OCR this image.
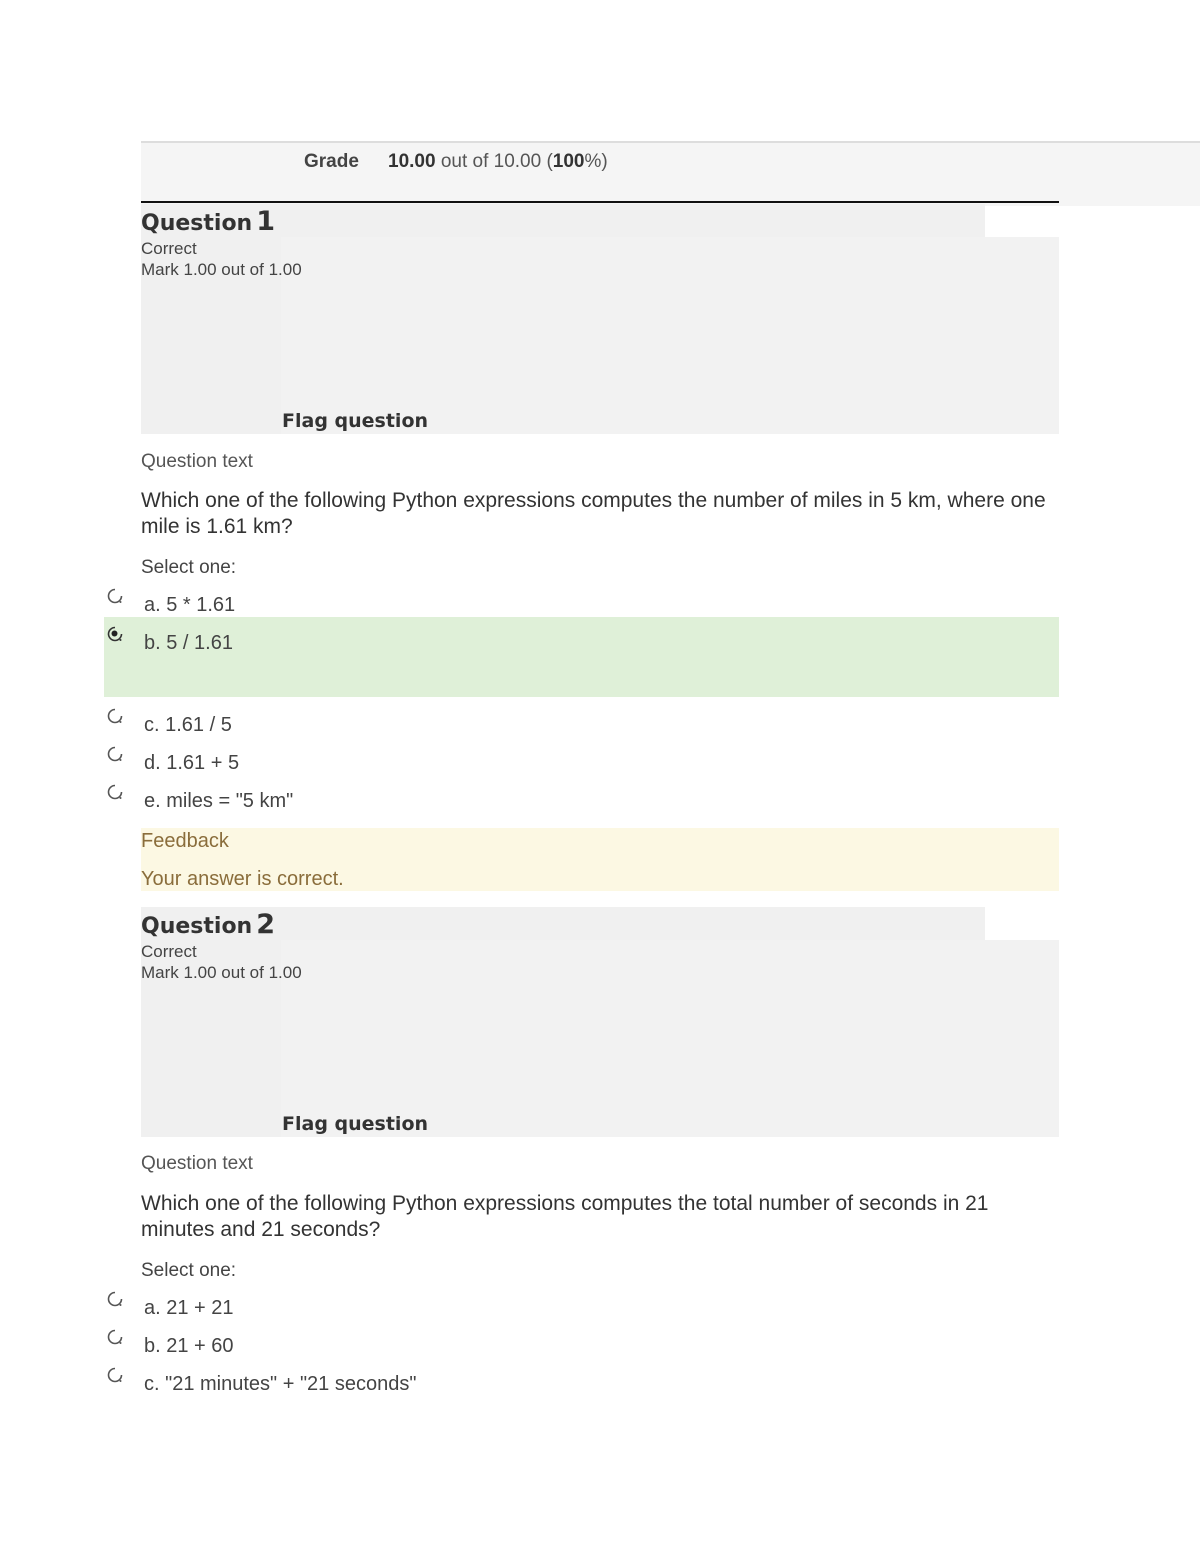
Grade 10.00 out of 10.00 (100%)
Question 1
Correct
Mark 1.00 out of 1.00
Flag question
Question text
Which one of the following Python expressions computes the number of miles in 5 km, where one mile is 1.61 km?
Select one:
a. 5 * 1.61
b. 5 / 1.61
c. 1.61 / 5
d. 1.61 + 5
e. miles = "5 km"
Feedback
Your answer is correct.
Question 2
Correct
Mark 1.00 out of 1.00
Flag question
Question text
Which one of the following Python expressions computes the total number of seconds in 21 minutes and 21 seconds?
Select one:
a. 21 + 21
b. 21 + 60
c. "21 minutes" + "21 seconds"
